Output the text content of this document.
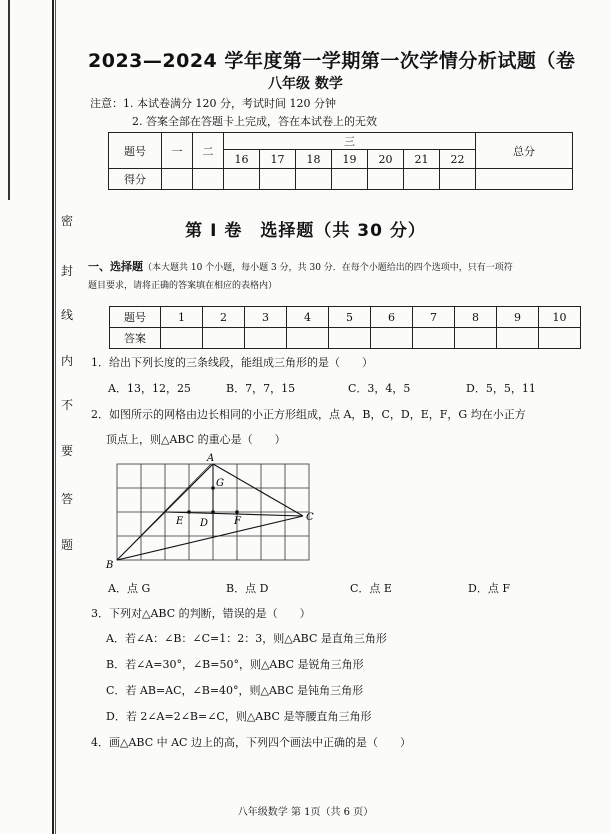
密
封
线
内
不
要
答
题
2023—2024 学年度第一学期第一次学情分析试题（卷
八年级 数学
注意：1. 本试卷满分 120 分，考试时间 120 分钟
2. 答案全部在答题卡上完成，答在本试卷上的无效
题号	一	二	三							总分
			16	17	18	19	20	21	22	
得分										
第 I 卷　选择题（共 30 分）
一、选择题（本大题共 10 个小题，每小题 3 分，共 30 分．在每个小题给出的四个选项中，只有一项符
题目要求，请将正确的答案填在相应的表格内）
题号	1	2	3	4	5	6	7	8	9	10
答案										
1．给出下列长度的三条线段，能组成三角形的是（　　）
A．13，12，25	B．7，7，15	C．3，4，5	D．5，5，11
2．如图所示的网格由边长相同的小正方形组成，点 A，B，C，D，E，F，G 均在小正方
顶点上，则△ABC 的重心是（　　）
A
B
C
D
E	F
G
A．点 G	B．点 D	C．点 E	D．点 F
3．下列对△ABC 的判断，错误的是（　　）
A．若∠A：∠B：∠C=1：2：3，则△ABC 是直角三角形
B．若∠A=30°，∠B=50°，则△ABC 是锐角三角形
C．若 AB=AC，∠B=40°，则△ABC 是钝角三角形
D．若 2∠A=2∠B=∠C，则△ABC 是等腰直角三角形
4．画△ABC 中 AC 边上的高，下列四个画法中正确的是（　　）
八年级数学 第 1页（共 6 页）
